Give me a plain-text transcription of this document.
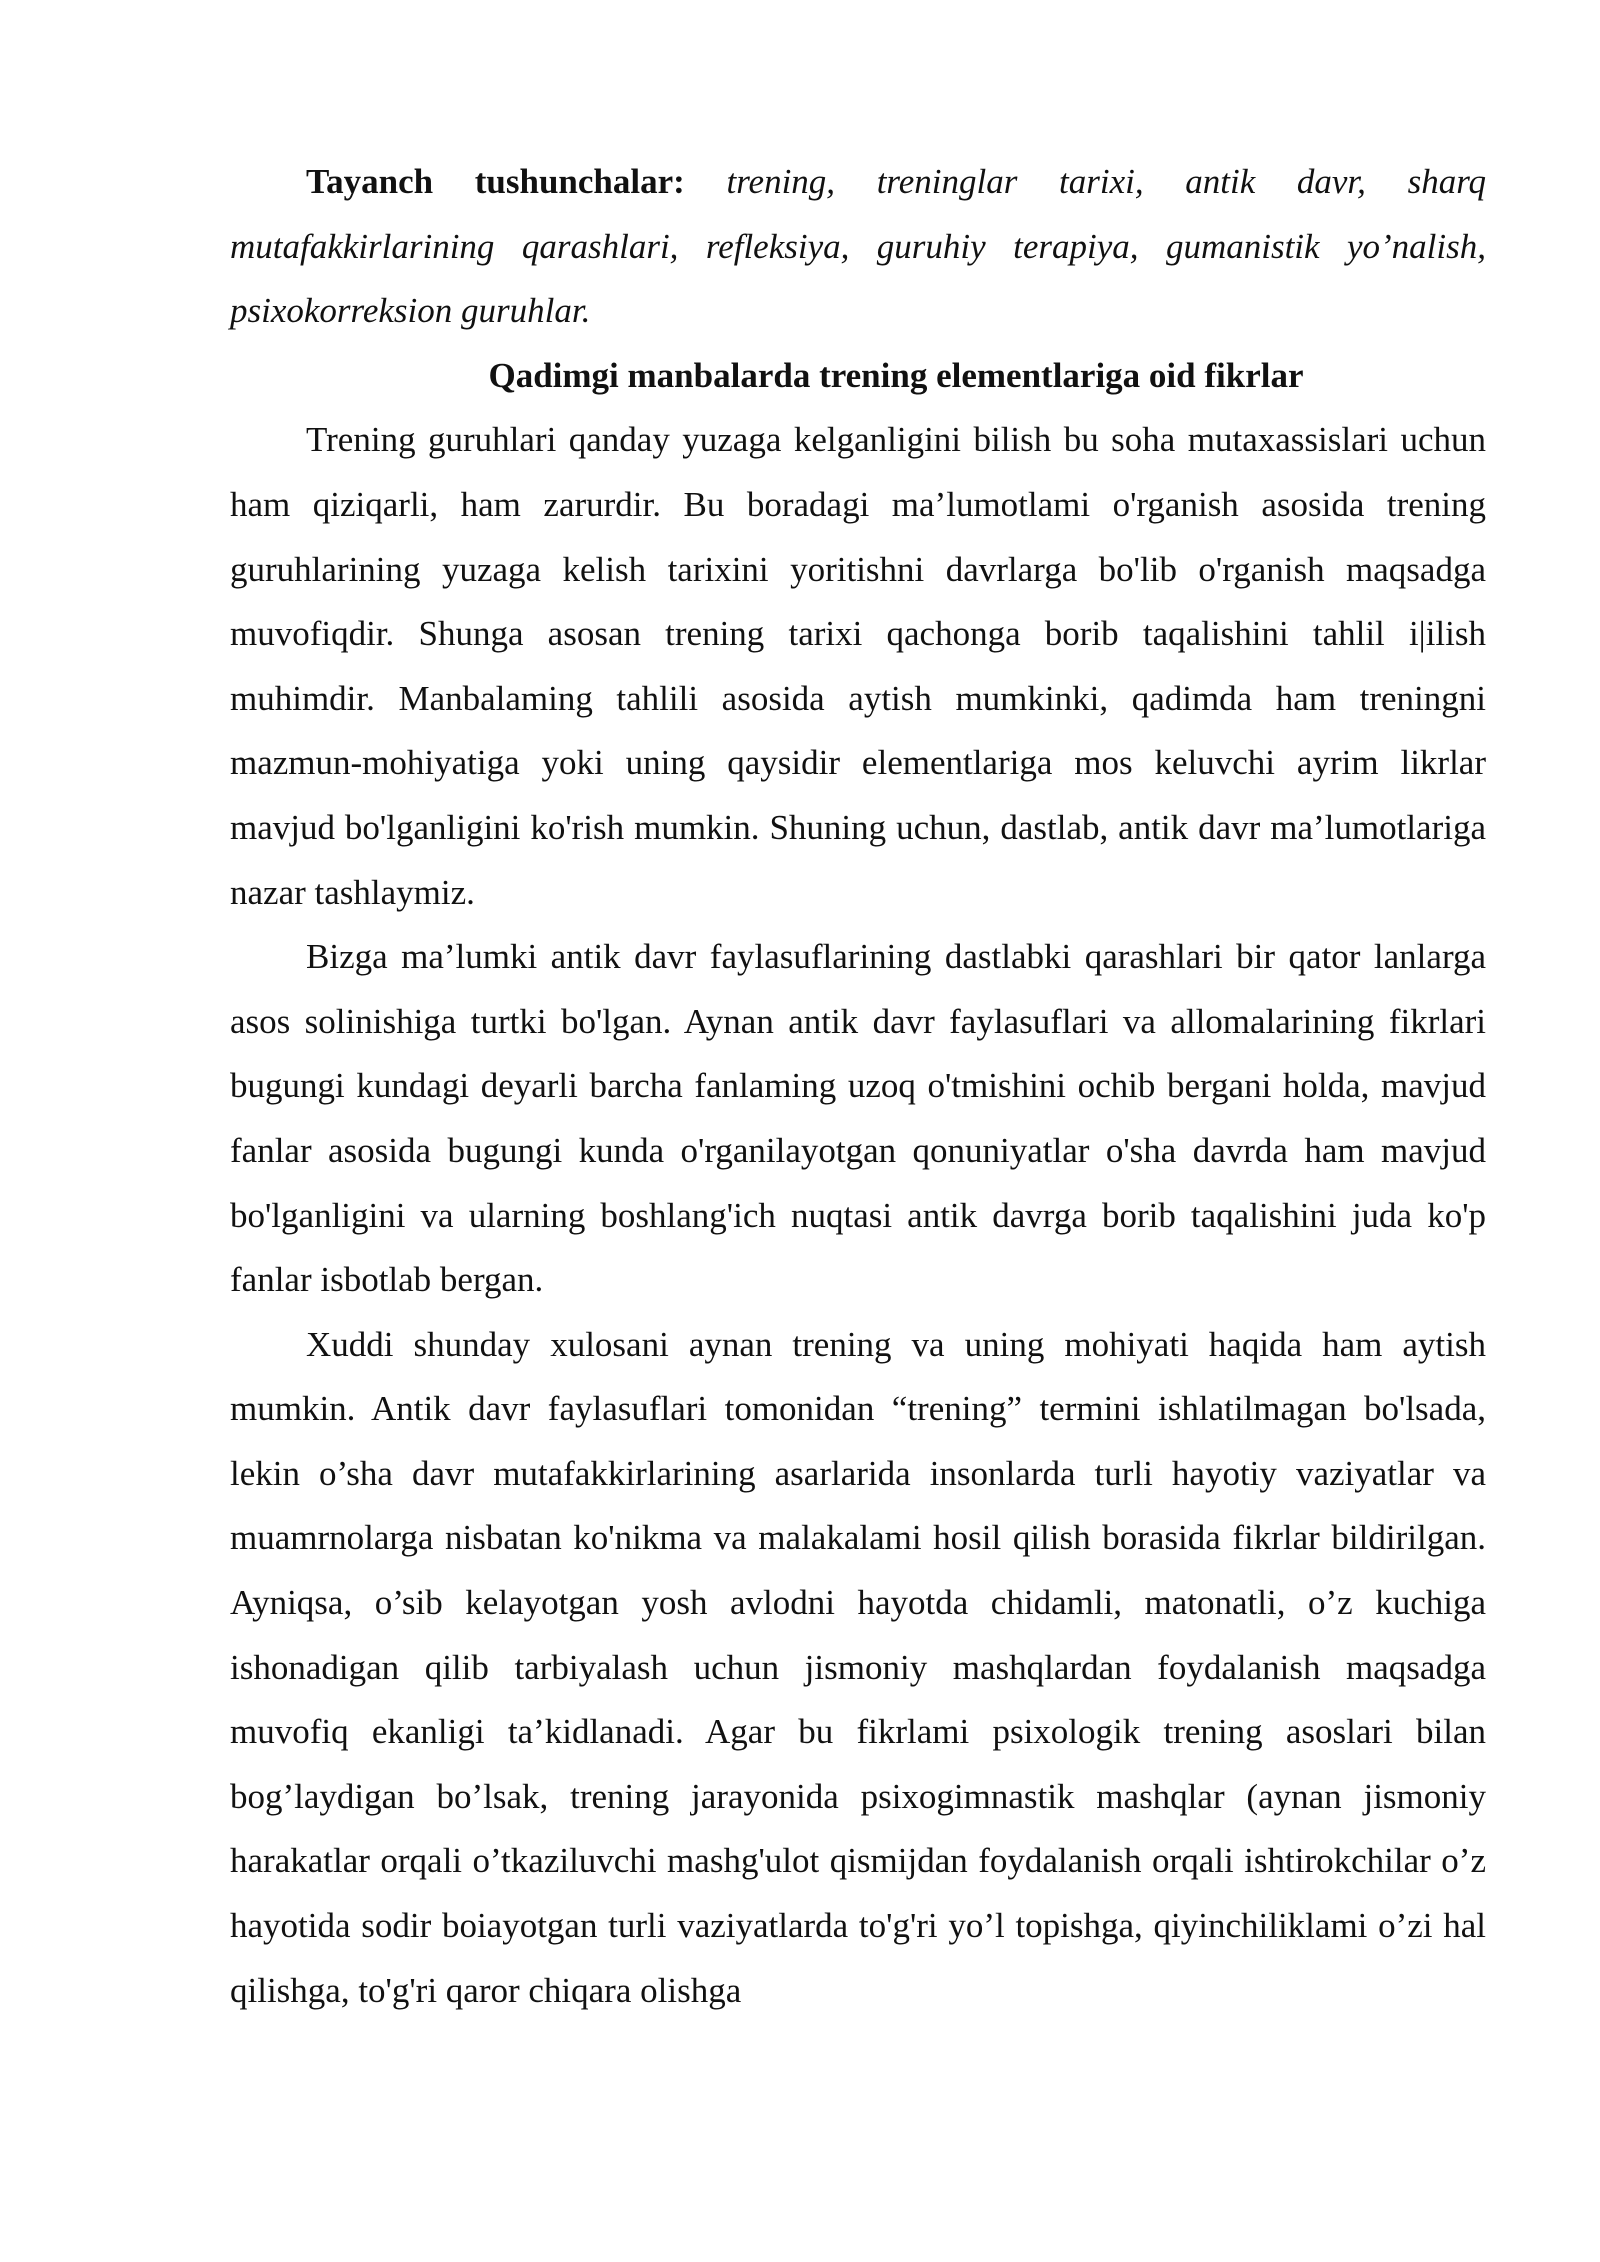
Tayanch tushunchalar: trening, treninglar tarixi, antik davr, sharq mutafakkirlarining qarashlari, refleksiya, guruhiy terapiya, gumanistik yo’nalish, psixokorreksion guruhlar.

Qadimgi manbalarda trening elementlariga oid fikrlar

Trening guruhlari qanday yuzaga kelganligini bilish bu soha mutaxassislari uchun ham qiziqarli, ham zarurdir. Bu boradagi ma’lumotlami o'rganish asosida trening guruhlarining yuzaga kelish tarixini yoritishni davrlarga bo'lib o'rganish maqsadga muvofiqdir. Shunga asosan trening tarixi qachonga borib taqalishini tahlil i|ilish muhimdir. Manbalaming tahlili asosida aytish mumkinki, qadimda ham treningni mazmun-mohiyatiga yoki uning qaysidir elementlariga mos keluvchi ayrim likrlar mavjud bo'lganligini ko'rish mumkin. Shuning uchun, dastlab, antik davr ma’lumotlariga nazar tashlaymiz.

Bizga ma’lumki antik davr faylasuflarining dastlabki qarashlari bir qator lanlarga asos solinishiga turtki bo'lgan. Aynan antik davr faylasuflari va allomalarining fikrlari bugungi kundagi deyarli barcha fanlaming uzoq o'tmishini ochib bergani holda, mavjud fanlar asosida bugungi kunda o'rganilayotgan qonuniyatlar o'sha davrda ham mavjud bo'lganligini va ularning boshlang'ich nuqtasi antik davrga borib taqalishini juda ko'p fanlar isbotlab bergan.

Xuddi shunday xulosani aynan trening va uning mohiyati haqida ham aytish mumkin. Antik davr faylasuflari tomonidan “trening” termini ishlatilmagan bo'lsada, lekin o’sha davr mutafakkirlarining asarlarida insonlarda turli hayotiy vaziyatlar va muamrnolarga nisbatan ko'nikma va malakalami hosil qilish borasida fikrlar bildirilgan. Ayniqsa, o’sib kelayotgan yosh avlodni hayotda chidamli, matonatli, o’z kuchiga ishonadigan qilib tarbiyalash uchun jismoniy mashqlardan foydalanish maqsadga muvofiq ekanligi ta’kidlanadi. Agar bu fikrlami psixologik trening asoslari bilan bog’laydigan bo’lsak, trening jarayonida psixogimnastik mashqlar (aynan jismoniy harakatlar orqali o’tkaziluvchi mashg'ulot qismijdan foydalanish orqali ishtirokchilar o’z hayotida sodir boiayotgan turli vaziyatlarda to'g'ri yo’l topishga, qiyinchiliklami o’zi hal qilishga, to'g'ri qaror chiqara olishga
